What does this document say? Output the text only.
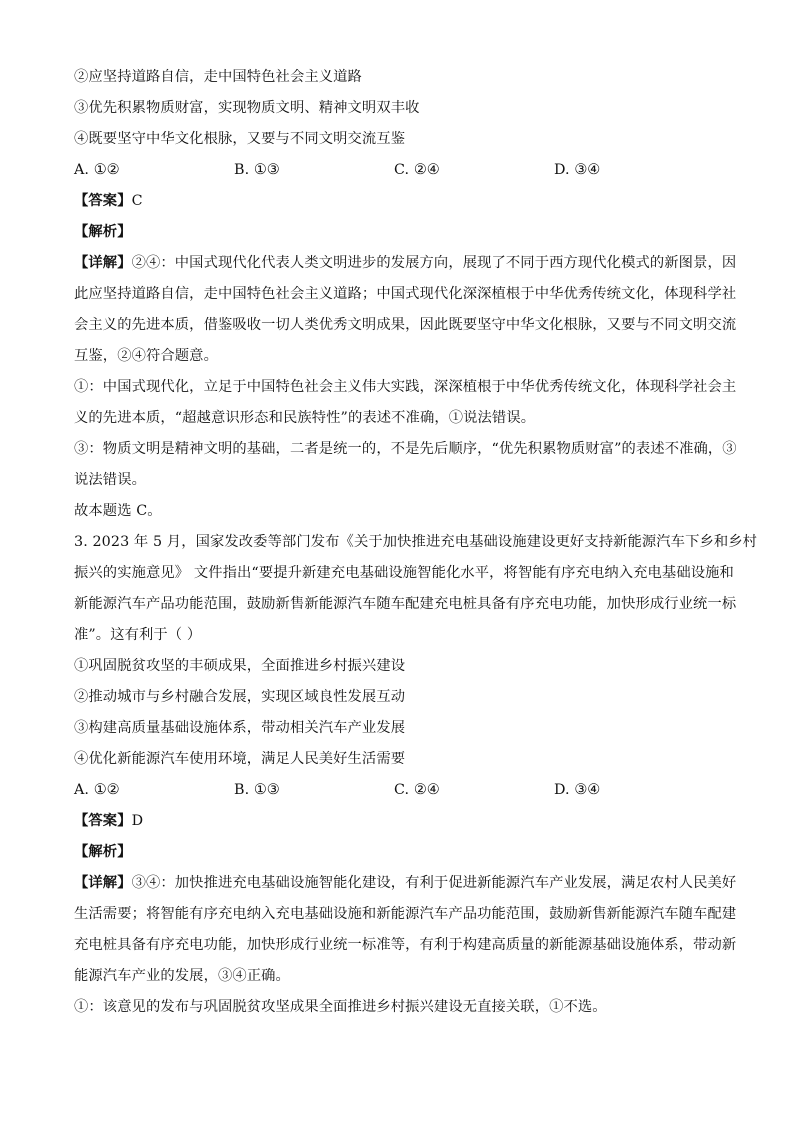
②应坚持道路自信，走中国特色社会主义道路
③优先积累物质财富，实现物质文明、精神文明双丰收
④既要坚守中华文化根脉，又要与不同文明交流互鉴
A. ①②	B. ①③	C. ②④	D. ③④
【答案】C
【解析】
【详解】②④：中国式现代化代表人类文明进步的发展方向，展现了不同于西方现代化模式的新图景，因
此应坚持道路自信，走中国特色社会主义道路；中国式现代化深深植根于中华优秀传统文化，体现科学社
会主义的先进本质，借鉴吸收一切人类优秀文明成果，因此既要坚守中华文化根脉，又要与不同文明交流
互鉴，②④符合题意。
①：中国式现代化，立足于中国特色社会主义伟大实践，深深植根于中华优秀传统文化，体现科学社会主
义的先进本质，“超越意识形态和民族特性”的表述不准确，①说法错误。
③：物质文明是精神文明的基础，二者是统一的，不是先后顺序，“优先积累物质财富”的表述不准确，③
说法错误。
故本题选 C。
3. 2023 年 5 月，国家发改委等部门发布《关于加快推进充电基础设施建设更好支持新能源汽车下乡和乡村
振兴的实施意见》 文件指出“要提升新建充电基础设施智能化水平，将智能有序充电纳入充电基础设施和
新能源汽车产品功能范围，鼓励新售新能源汽车随车配建充电桩具备有序充电功能，加快形成行业统一标
准”。这有利于（ ）
①巩固脱贫攻坚的丰硕成果，全面推进乡村振兴建设
②推动城市与乡村融合发展，实现区域良性发展互动
③构建高质量基础设施体系，带动相关汽车产业发展
④优化新能源汽车使用环境，满足人民美好生活需要
A. ①②	B. ①③	C. ②④	D. ③④
【答案】D
【解析】
【详解】③④：加快推进充电基础设施智能化建设，有利于促进新能源汽车产业发展，满足农村人民美好
生活需要；将智能有序充电纳入充电基础设施和新能源汽车产品功能范围，鼓励新售新能源汽车随车配建
充电桩具备有序充电功能，加快形成行业统一标准等，有利于构建高质量的新能源基础设施体系，带动新
能源汽车产业的发展，③④正确。
①：该意见的发布与巩固脱贫攻坚成果全面推进乡村振兴建设无直接关联，①不选。
